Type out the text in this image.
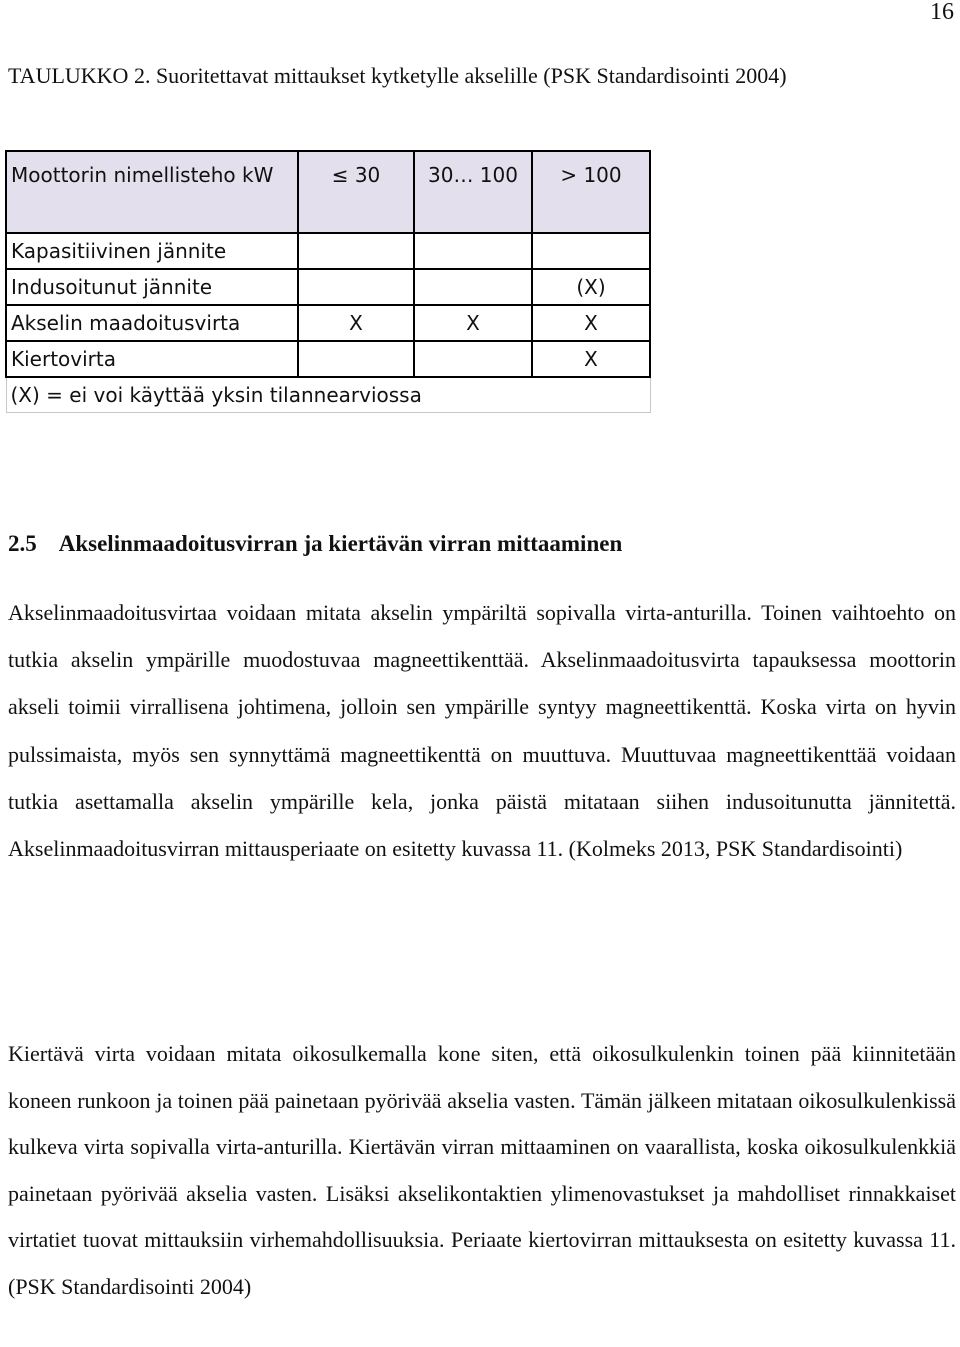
16
TAULUKKO 2. Suoritettavat mittaukset kytketylle akselille (PSK Standardisointi 2004)
Moottorin nimellisteho kW	≤ 30	30… 100	> 100
Kapasitiivinen jännite			
Indusoitunut jännite			(X)
Akselin maadoitusvirta	X	X	X
Kiertovirta			X
(X) = ei voi käyttää yksin tilannearviossa			
2.5 Akselinmaadoitusvirran ja kiertävän virran mittaaminen
Akselinmaadoitusvirtaa voidaan mitata akselin ympäriltä sopivalla virta-anturilla. Toinen vaihtoehto on tutkia akselin ympärille muodostuvaa magneettikenttää. Akselinmaadoitusvirta tapauksessa moottorin akseli toimii virrallisena johtimena, jolloin sen ympärille syntyy magneettikenttä. Koska virta on hyvin pulssimaista, myös sen synnyttämä magneettikenttä on muuttuva. Muuttuvaa magneettikenttää voidaan tutkia asettamalla akselin ympärille kela, jonka päistä mitataan siihen indusoitunutta jännitettä. Akselinmaadoitusvirran mittausperiaate on esitetty kuvassa 11. (Kolmeks 2013, PSK Standardisointi)
Kiertävä virta voidaan mitata oikosulkemalla kone siten, että oikosulkulenkin toinen pää kiinnitetään koneen runkoon ja toinen pää painetaan pyörivää akselia vasten. Tämän jälkeen mitataan oikosulkulenkissä kulkeva virta sopivalla virta-anturilla. Kiertävän virran mittaaminen on vaarallista, koska oikosulkulenkkiä painetaan pyörivää akselia vasten. Lisäksi akselikontaktien ylimenovastukset ja mahdolliset rinnakkaiset virtatiet tuovat mittauksiin virhemahdollisuuksia. Periaate kiertovirran mittauksesta on esitetty kuvassa 11. (PSK Standardisointi 2004)
